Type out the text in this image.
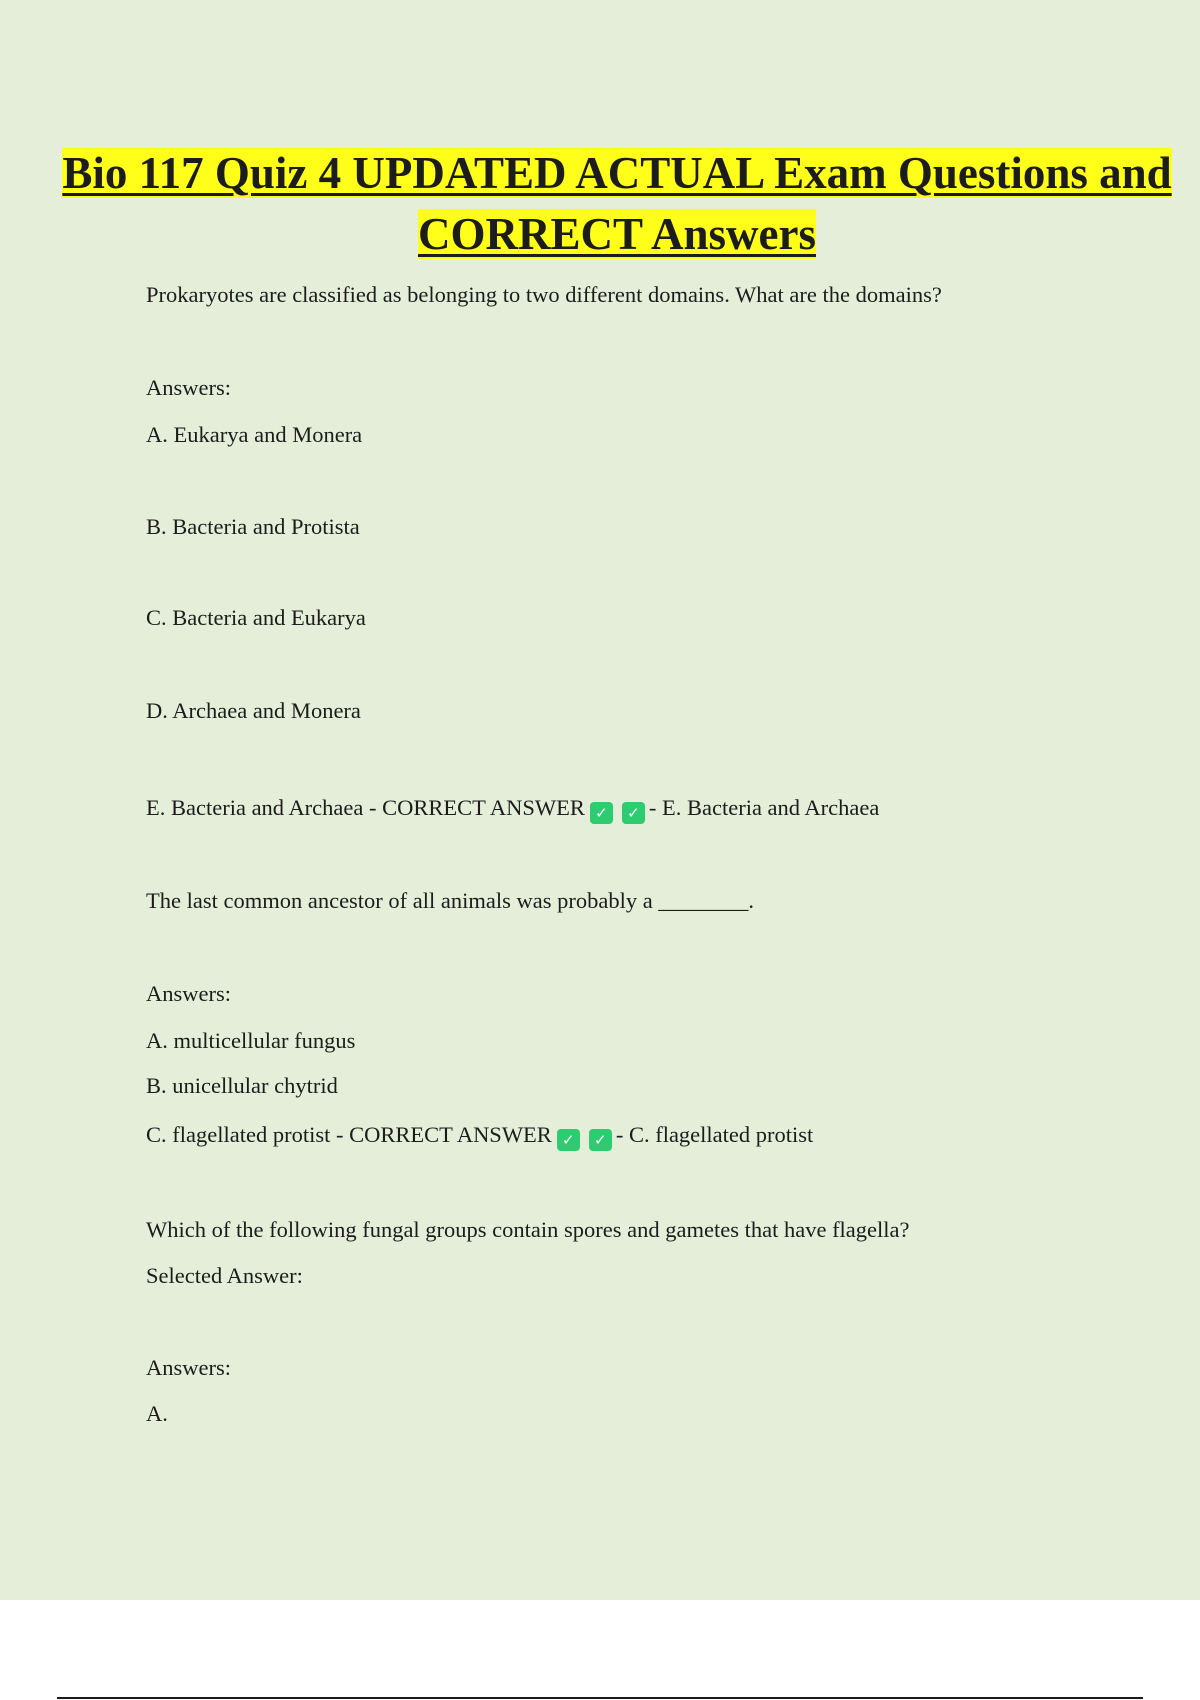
Bio 117 Quiz 4 UPDATED ACTUAL Exam Questions and CORRECT Answers
Prokaryotes are classified as belonging to two different domains. What are the domains?
Answers:
A. Eukarya and Monera
B. Bacteria and Protista
C. Bacteria and Eukarya
D. Archaea and Monera
E. Bacteria and Archaea - CORRECT ANSWER ✓ ✓ - E. Bacteria and Archaea
The last common ancestor of all animals was probably a ________.
Answers:
A. multicellular fungus
B. unicellular chytrid
C. flagellated protist - CORRECT ANSWER ✓ ✓ - C. flagellated protist
Which of the following fungal groups contain spores and gametes that have flagella?
Selected Answer:
Answers:
A.
